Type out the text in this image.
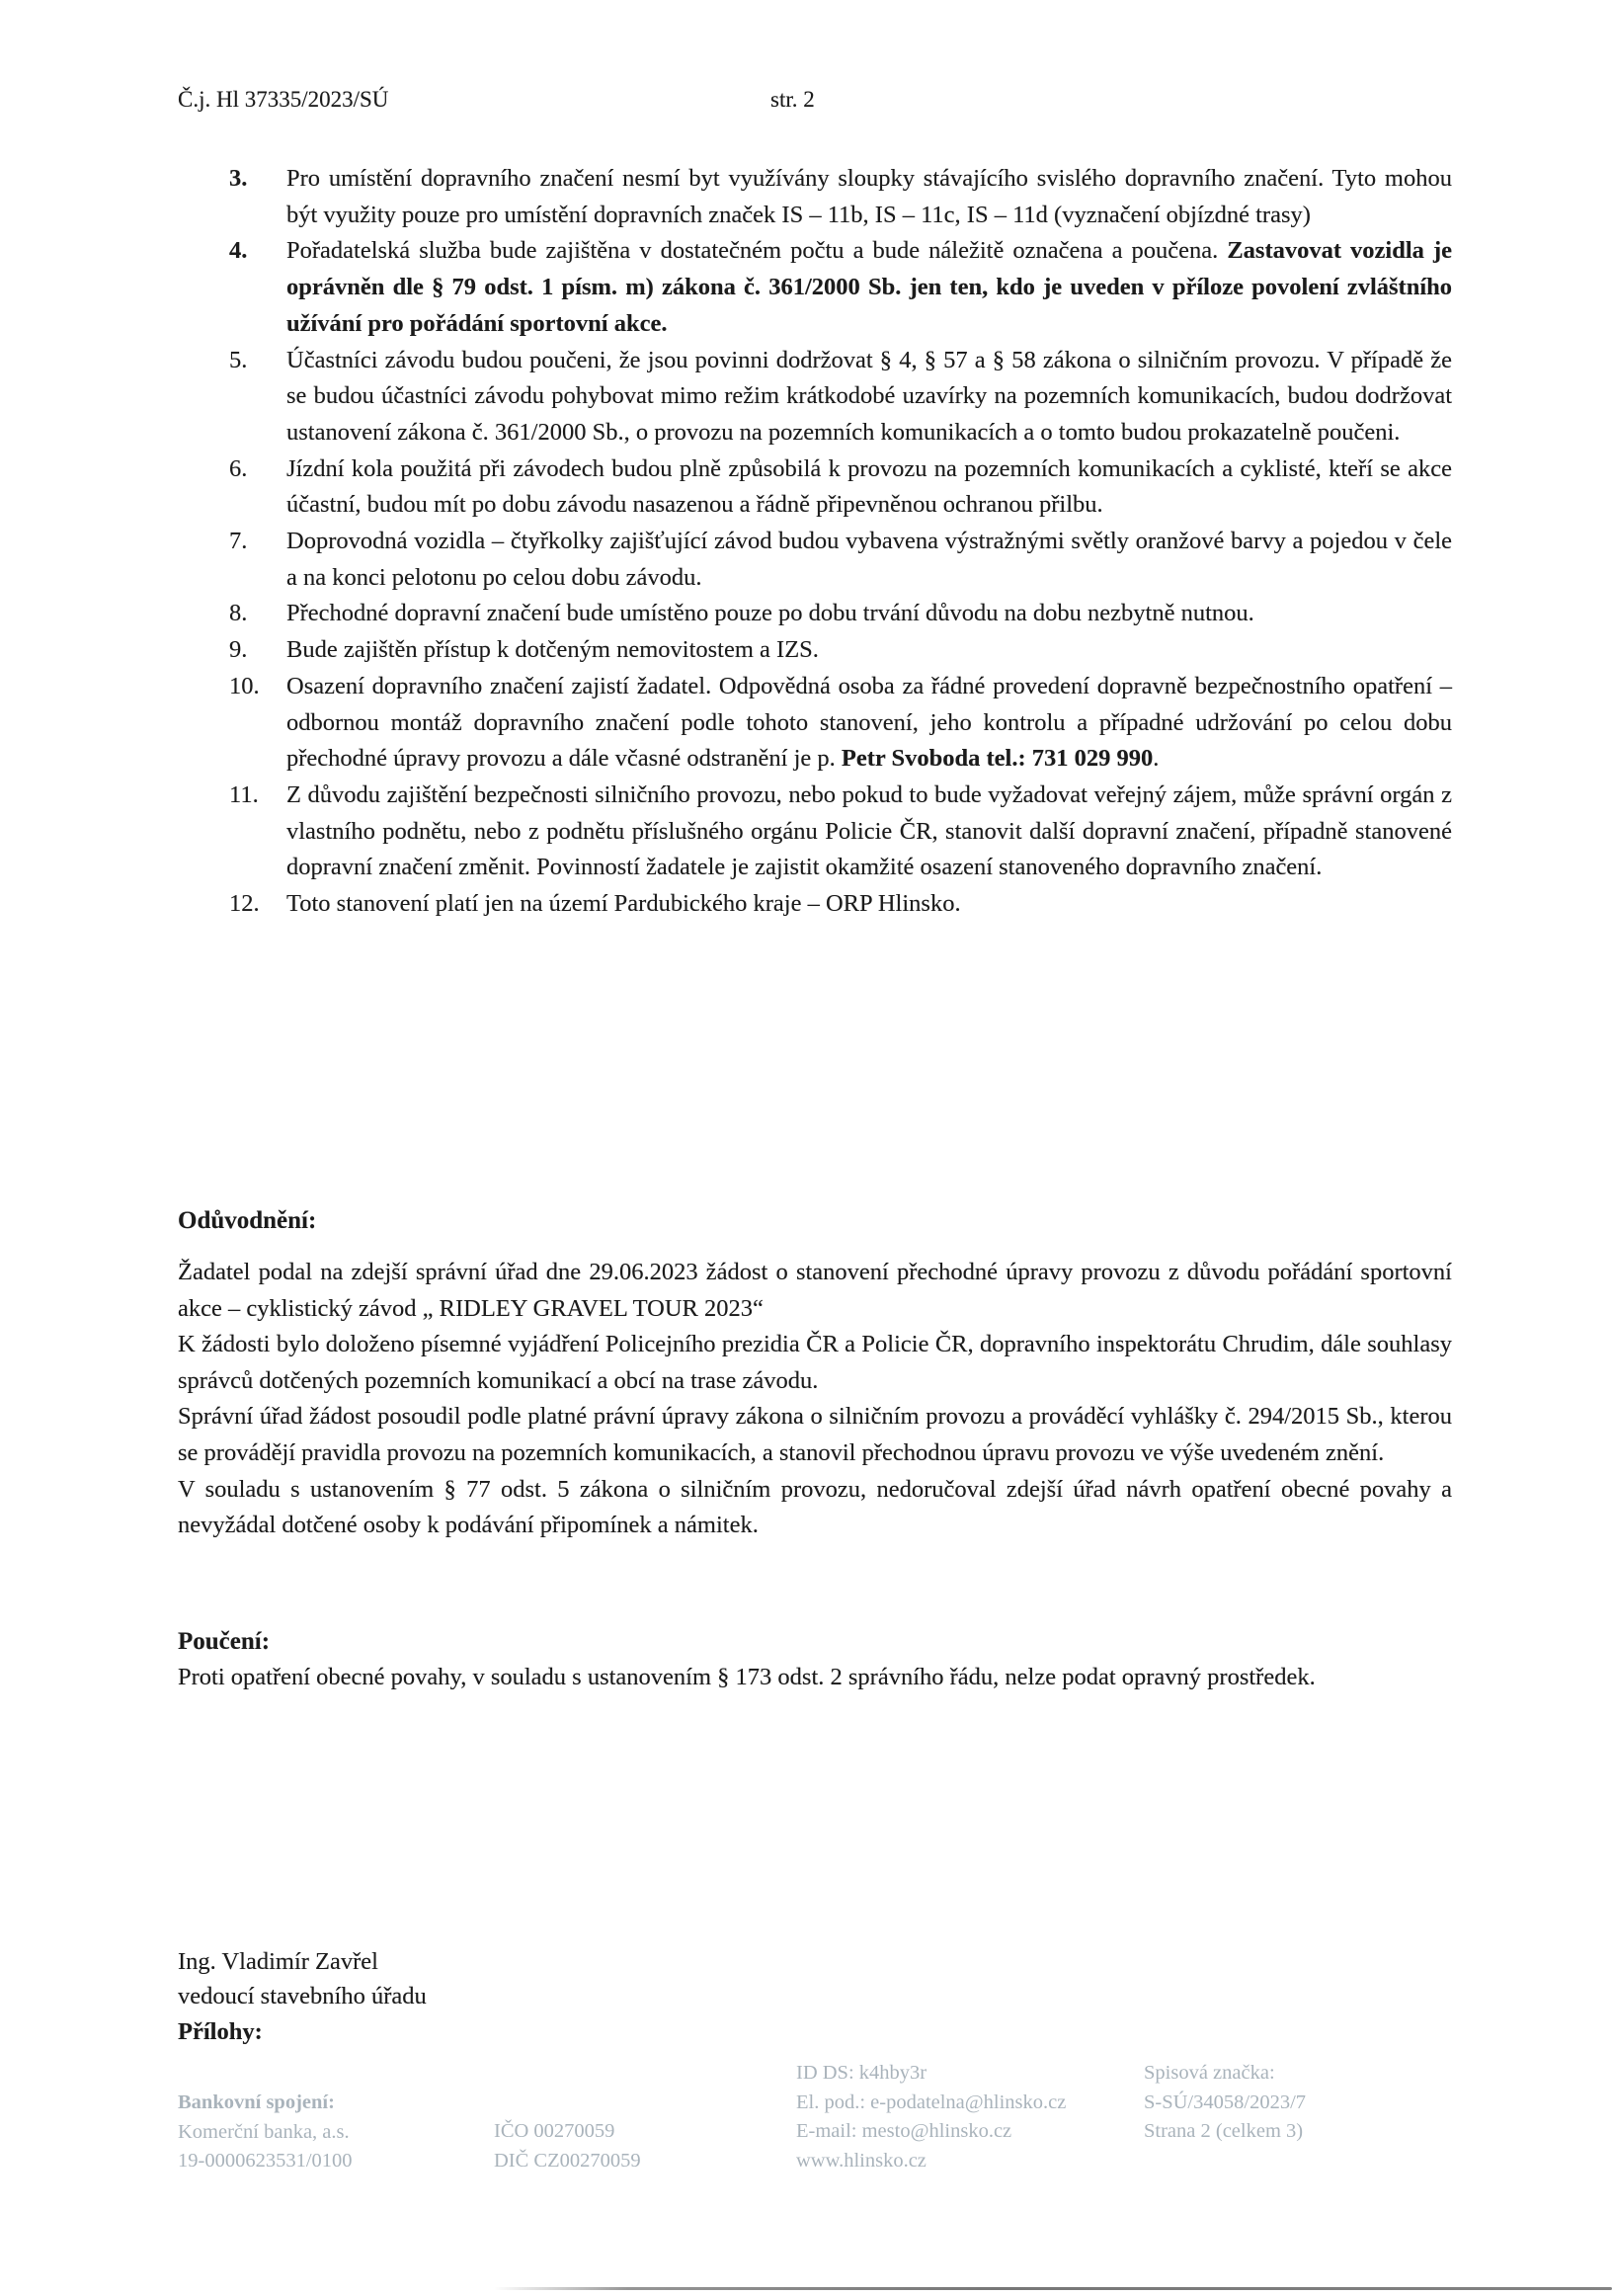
Č.j. Hl 37335/2023/SÚ	str. 2
3. Pro umístění dopravního značení nesmí byt využívány sloupky stávajícího svislého dopravního značení. Tyto mohou být využity pouze pro umístění dopravních značek IS – 11b, IS – 11c, IS – 11d (vyznačení objízdné trasy)
4. Pořadatelská služba bude zajištěna v dostatečném počtu a bude náležitě označena a poučena. Zastavovat vozidla je oprávněn dle § 79 odst. 1 písm. m) zákona č. 361/2000 Sb. jen ten, kdo je uveden v příloze povolení zvláštního užívání pro pořádání sportovní akce.
5. Účastníci závodu budou poučeni, že jsou povinni dodržovat § 4, § 57 a § 58 zákona o silničním provozu. V případě že se budou účastníci závodu pohybovat mimo režim krátkodobé uzavírky na pozemních komunikacích, budou dodržovat ustanovení zákona č. 361/2000 Sb., o provozu na pozemních komunikacích a o tomto budou prokazatelně poučeni.
6. Jízdní kola použitá při závodech budou plně způsobilá k provozu na pozemních komunikacích a cyklisté, kteří se akce účastní, budou mít po dobu závodu nasazenou a řádně připevněnou ochranou přilbu.
7. Doprovodná vozidla – čtyřkolky zajišťující závod budou vybavena výstražnými světly oranžové barvy a pojedou v čele a na konci pelotonu po celou dobu závodu.
8. Přechodné dopravní značení bude umístěno pouze po dobu trvání důvodu na dobu nezbytně nutnou.
9. Bude zajištěn přístup k dotčeným nemovitostem a IZS.
10. Osazení dopravního značení zajistí žadatel. Odpovědná osoba za řádné provedení dopravně bezpečnostního opatření – odbornou montáž dopravního značení podle tohoto stanovení, jeho kontrolu a případné udržování po celou dobu přechodné úpravy provozu a dále včasné odstranění je p. Petr Svoboda tel.: 731 029 990.
11. Z důvodu zajištění bezpečnosti silničního provozu, nebo pokud to bude vyžadovat veřejný zájem, může správní orgán z vlastního podnětu, nebo z podnětu příslušného orgánu Policie ČR, stanovit další dopravní značení, případně stanovené dopravní značení změnit. Povinností žadatele je zajistit okamžité osazení stanoveného dopravního značení.
12. Toto stanovení platí jen na území Pardubického kraje – ORP Hlinsko.
Odůvodnění:

Žadatel podal na zdejší správní úřad dne 29.06.2023 žádost o stanovení přechodné úpravy provozu z důvodu pořádání sportovní akce – cyklistický závod „ RIDLEY GRAVEL TOUR 2023“

K žádosti bylo doloženo písemné vyjádření Policejního prezidia ČR a Policie ČR, dopravního inspektorátu Chrudim, dále souhlasy správců dotčených pozemních komunikací a obcí na trase závodu.

Správní úřad žádost posoudil podle platné právní úpravy zákona o silničním provozu a prováděcí vyhlášky č. 294/2015 Sb., kterou se provádějí pravidla provozu na pozemních komunikacích, a stanovil přechodnou úpravu provozu ve výše uvedeném znění.

V souladu s ustanovením § 77 odst. 5 zákona o silničním provozu, nedoručoval zdejší úřad návrh opatření obecné povahy a nevyžádal dotčené osoby k podávání připomínek a námitek.

Poučení:

Proti opatření obecné povahy, v souladu s ustanovením § 173 odst. 2 správního řádu, nelze podat opravný prostředek.

Ing. Vladimír Zavřel
vedoucí stavebního úřadu
Přílohy:
Bankovní spojení:
Komerční banka, a.s.
19-0000623531/0100
IČO 00270059
DIČ CZ00270059
ID DS: k4hby3r
El. pod.: e-podatelna@hlinsko.cz
E-mail: mesto@hlinsko.cz
www.hlinsko.cz
Spisová značka:
S-SÚ/34058/2023/7
Strana 2 (celkem 3)
